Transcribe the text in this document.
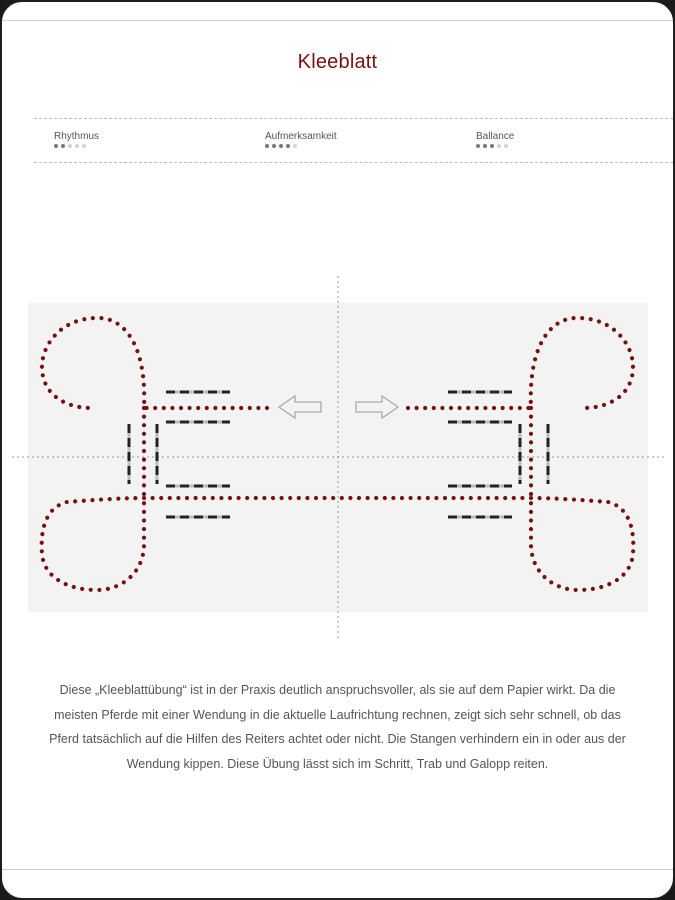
Kleeblatt
Rhythmus	Aufmerksamkeit	Ballance
Diese „Kleeblattübung“ ist in der Praxis deutlich anspruchsvoller, als sie auf dem Papier wirkt. Da die meisten Pferde mit einer Wendung in die aktuelle Laufrichtung rechnen, zeigt sich sehr schnell, ob das Pferd tatsächlich auf die Hilfen des Reiters achtet oder nicht. Die Stangen verhindern ein in oder aus der Wendung kippen. Diese Übung lässt sich im Schritt, Trab und Galopp reiten.
